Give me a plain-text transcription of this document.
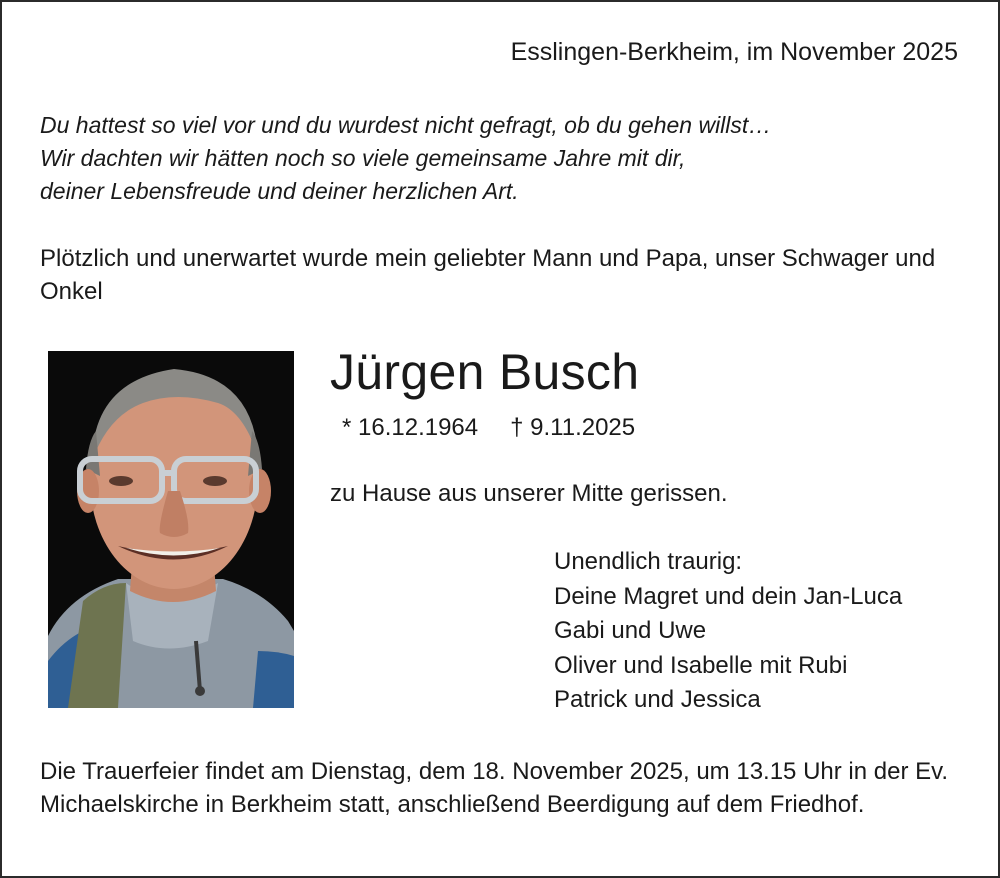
Esslingen-Berkheim, im November 2025

Du hattest so viel vor und du wurdest nicht gefragt, ob du gehen willst…
Wir dachten wir hätten noch so viele gemeinsame Jahre mit dir,
deiner Lebensfreude und deiner herzlichen Art.

Plötzlich und unerwartet wurde mein geliebter Mann und Papa, unser Schwager und Onkel

Jürgen Busch
* 16.12.1964 † 9.11.2025

zu Hause aus unserer Mitte gerissen.

Unendlich traurig:
Deine Magret und dein Jan-Luca
Gabi und Uwe
Oliver und Isabelle mit Rubi
Patrick und Jessica

Die Trauerfeier findet am Dienstag, dem 18. November 2025, um 13.15 Uhr in der Ev. Michaelskirche in Berkheim statt, anschließend Beerdigung auf dem Friedhof.
